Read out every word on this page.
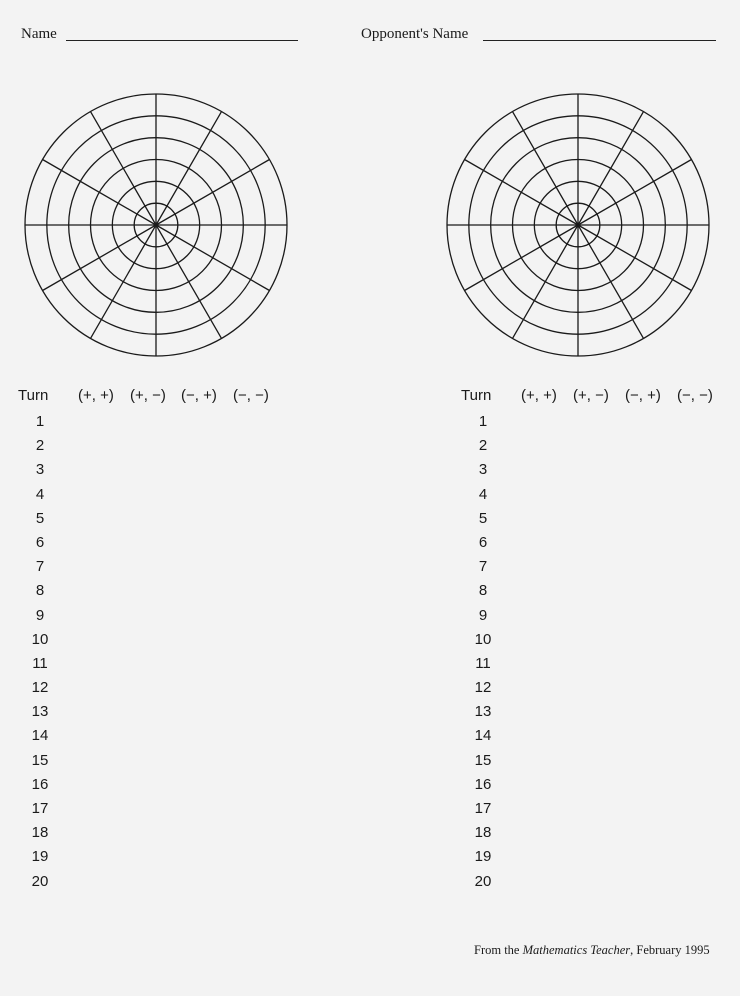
Name	Opponent's Name
Turn (+, +) (+, −) (−, +) (−, −)
1
2
3
4
5
6
7
8
9
10
11
12
13
14
15
16
17
18
19
20
Turn (+, +) (+, −) (−, +) (−, −)
1
2
3
4
5
6
7
8
9
10
11
12
13
14
15
16
17
18
19
20
From the Mathematics Teacher, February 1995
